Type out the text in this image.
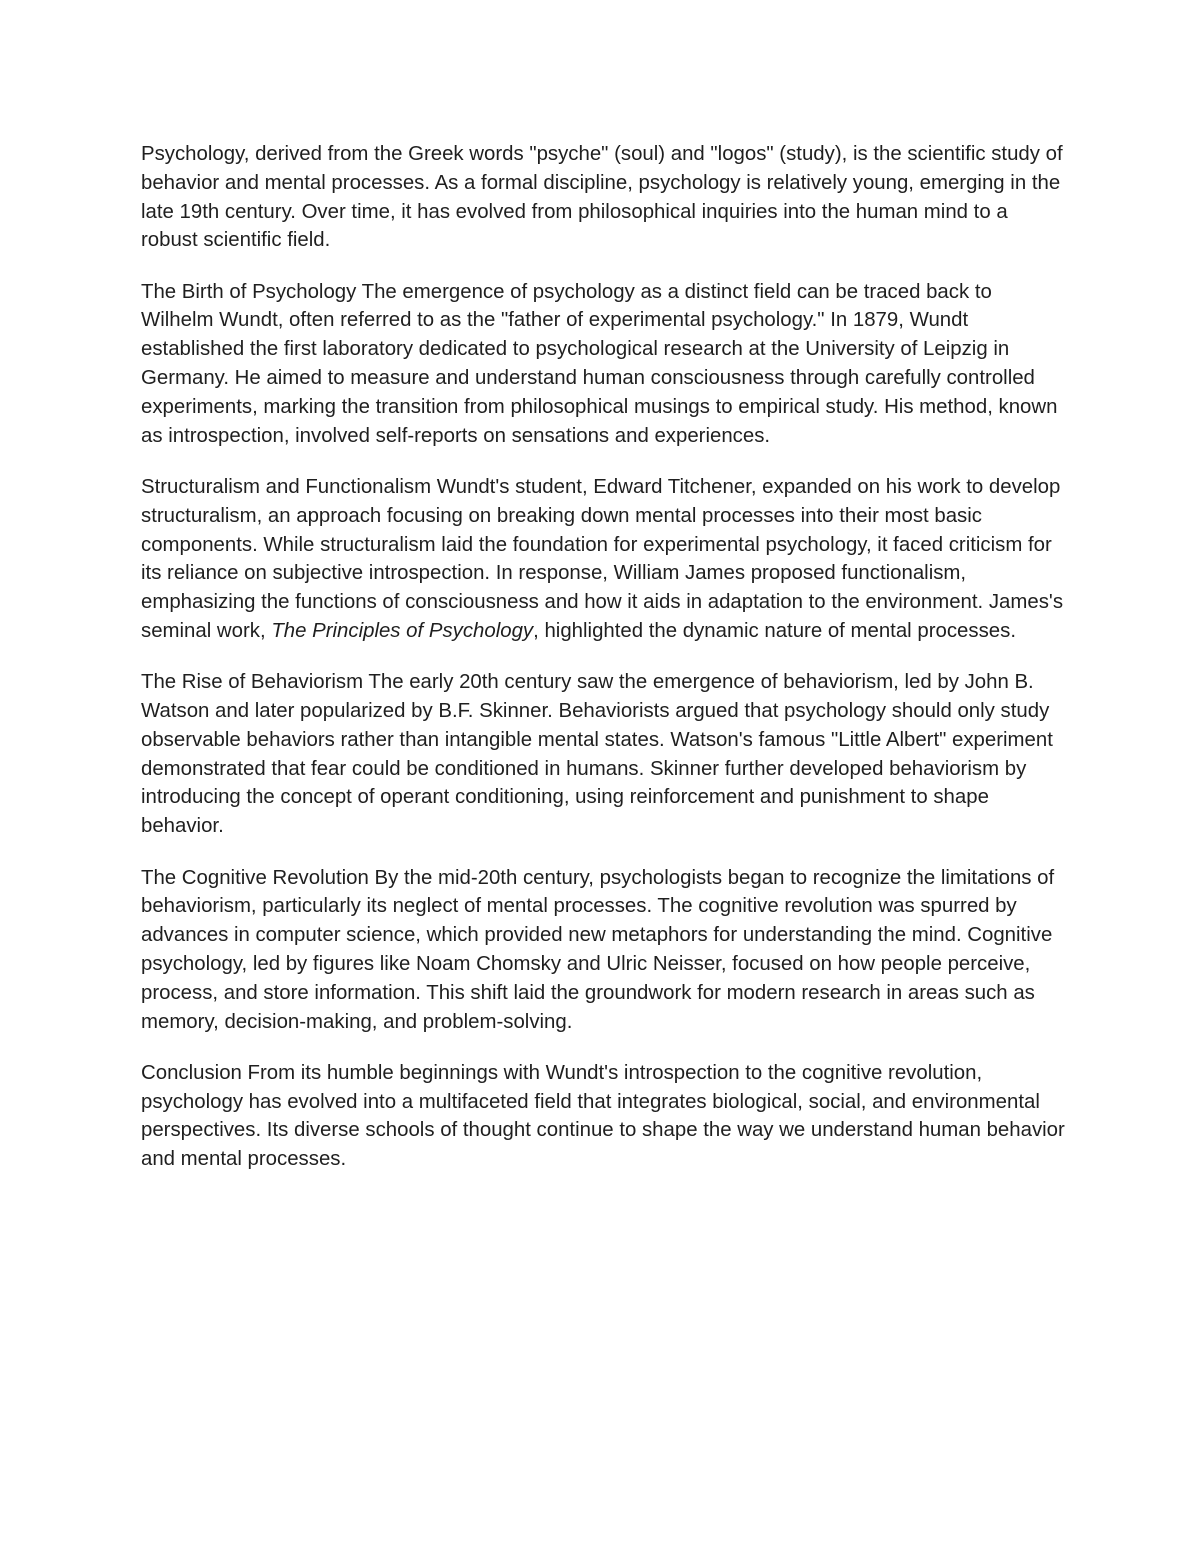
Psychology, derived from the Greek words "psyche" (soul) and "logos" (study), is the scientific study of behavior and mental processes. As a formal discipline, psychology is relatively young, emerging in the late 19th century. Over time, it has evolved from philosophical inquiries into the human mind to a robust scientific field.

The Birth of Psychology The emergence of psychology as a distinct field can be traced back to Wilhelm Wundt, often referred to as the "father of experimental psychology." In 1879, Wundt established the first laboratory dedicated to psychological research at the University of Leipzig in Germany. He aimed to measure and understand human consciousness through carefully controlled experiments, marking the transition from philosophical musings to empirical study. His method, known as introspection, involved self-reports on sensations and experiences.

Structuralism and Functionalism Wundt's student, Edward Titchener, expanded on his work to develop structuralism, an approach focusing on breaking down mental processes into their most basic components. While structuralism laid the foundation for experimental psychology, it faced criticism for its reliance on subjective introspection. In response, William James proposed functionalism, emphasizing the functions of consciousness and how it aids in adaptation to the environment. James's seminal work, The Principles of Psychology, highlighted the dynamic nature of mental processes.

The Rise of Behaviorism The early 20th century saw the emergence of behaviorism, led by John B. Watson and later popularized by B.F. Skinner. Behaviorists argued that psychology should only study observable behaviors rather than intangible mental states. Watson's famous "Little Albert" experiment demonstrated that fear could be conditioned in humans. Skinner further developed behaviorism by introducing the concept of operant conditioning, using reinforcement and punishment to shape behavior.

The Cognitive Revolution By the mid-20th century, psychologists began to recognize the limitations of behaviorism, particularly its neglect of mental processes. The cognitive revolution was spurred by advances in computer science, which provided new metaphors for understanding the mind. Cognitive psychology, led by figures like Noam Chomsky and Ulric Neisser, focused on how people perceive, process, and store information. This shift laid the groundwork for modern research in areas such as memory, decision-making, and problem-solving.

Conclusion From its humble beginnings with Wundt's introspection to the cognitive revolution, psychology has evolved into a multifaceted field that integrates biological, social, and environmental perspectives. Its diverse schools of thought continue to shape the way we understand human behavior and mental processes.
